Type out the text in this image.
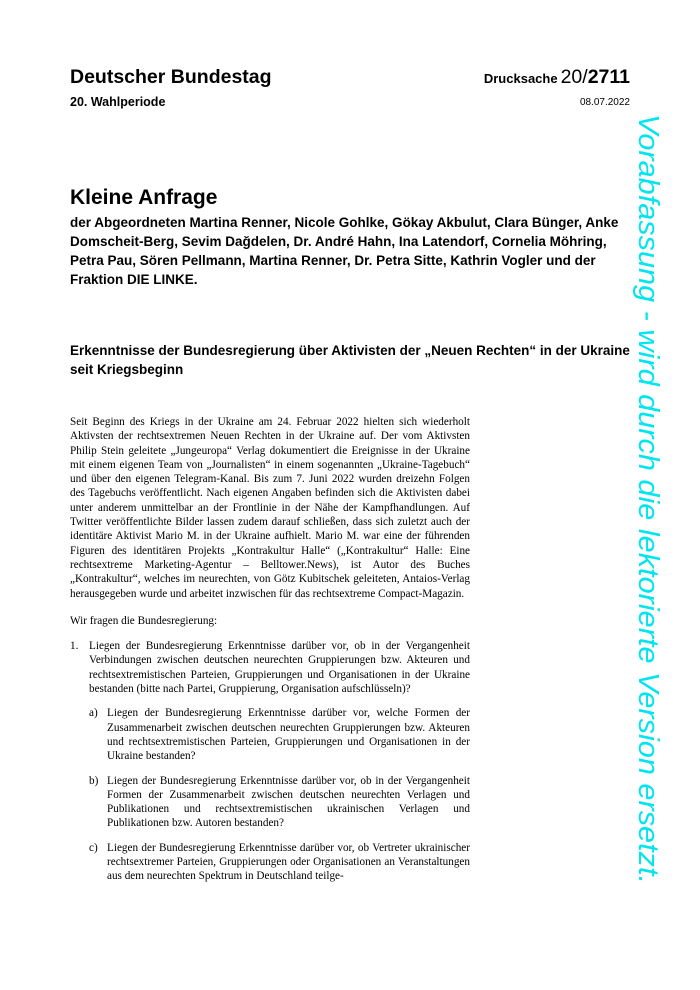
Deutscher Bundestag	Drucksache 20/2711
20. Wahlperiode	08.07.2022
Kleine Anfrage
der Abgeordneten Martina Renner, Nicole Gohlke, Gökay Akbulut, Clara Bünger, Anke Domscheit-Berg, Sevim Dağdelen, Dr. André Hahn, Ina Latendorf, Cornelia Möhring, Petra Pau, Sören Pellmann, Martina Renner, Dr. Petra Sitte, Kathrin Vogler und der Fraktion DIE LINKE.
Erkenntnisse der Bundesregierung über Aktivisten der „Neuen Rechten“ in der Ukraine seit Kriegsbeginn

Seit Beginn des Kriegs in der Ukraine am 24. Februar 2022 hielten sich wiederholt Aktivsten der rechtsextremen Neuen Rechten in der Ukraine auf. Der vom Aktivsten Philip Stein geleitete „Jungeuropa“ Verlag dokumentiert die Ereignisse in der Ukraine mit einem eigenen Team von „Journalisten“ in einem sogenannten „Ukraine-Tagebuch“ und über den eigenen Telegram-Kanal. Bis zum 7. Juni 2022 wurden dreizehn Folgen des Tagebuchs veröffentlicht. Nach eigenen Angaben befinden sich die Aktivisten dabei unter anderem unmittelbar an der Frontlinie in der Nähe der Kampfhandlungen. Auf Twitter veröffentlichte Bilder lassen zudem darauf schließen, dass sich zuletzt auch der identitäre Aktivist Mario M. in der Ukraine aufhielt. Mario M. war eine der führenden Figuren des identitären Projekts „Kontrakultur Halle“ („Kontrakultur“ Halle: Eine rechtsextreme Marketing-Agentur – Belltower.News), ist Autor des Buches „Kontrakultur“, welches im neurechten, von Götz Kubitschek geleiteten, Antaios-Verlag herausgegeben wurde und arbeitet inzwischen für das rechtsextreme Compact-Magazin.

Wir fragen die Bundesregierung:
1. Liegen der Bundesregierung Erkenntnisse darüber vor, ob in der Vergangenheit Verbindungen zwischen deutschen neurechten Gruppierungen bzw. Akteuren und rechtsextremistischen Parteien, Gruppierungen und Organisationen in der Ukraine bestanden (bitte nach Partei, Gruppierung, Organisation aufschlüsseln)?
a) Liegen der Bundesregierung Erkenntnisse darüber vor, welche Formen der Zusammenarbeit zwischen deutschen neurechten Gruppierungen bzw. Akteuren und rechtsextremistischen Parteien, Gruppierungen und Organisationen in der Ukraine bestanden?
b) Liegen der Bundesregierung Erkenntnisse darüber vor, ob in der Vergangenheit Formen der Zusammenarbeit zwischen deutschen neurechten Verlagen und Publikationen und rechtsextremistischen ukrainischen Verlagen und Publikationen bzw. Autoren bestanden?
c) Liegen der Bundesregierung Erkenntnisse darüber vor, ob Vertreter ukrainischer rechtsextremer Parteien, Gruppierungen oder Organisationen an Veranstaltungen aus dem neurechten Spektrum in Deutschland teilge-
Vorabfassung - wird durch die lektorierte Version ersetzt.
